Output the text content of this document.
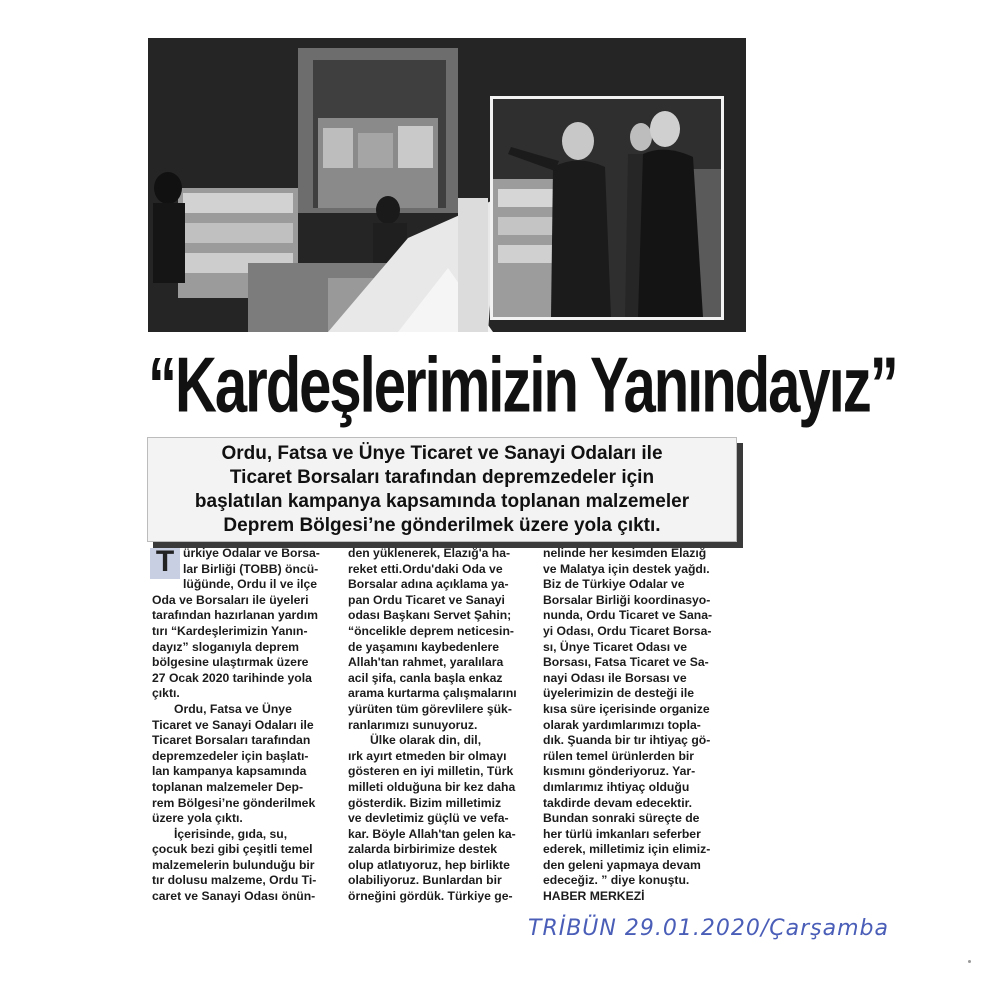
“Kardeşlerimizin Yanındayız”

Ordu, Fatsa ve Ünye Ticaret ve Sanayi Odaları ile
Ticaret Borsaları tarafından depremzedeler için
başlatılan kampanya kapsamında toplanan malzemeler
Deprem Bölgesi’ne gönderilmek üzere yola çıktı.

T ürkiye Odalar ve Borsa-
lar Birliği (TOBB) öncü-
lüğünde, Ordu il ve ilçe
Oda ve Borsaları ile üyeleri
tarafından hazırlanan yardım
tırı “Kardeşlerimizin Yanın-
dayız” sloganıyla deprem
bölgesine ulaştırmak üzere
27 Ocak 2020 tarihinde yola
çıktı.
Ordu, Fatsa ve Ünye
Ticaret ve Sanayi Odaları ile
Ticaret Borsaları tarafından
depremzedeler için başlatı-
lan kampanya kapsamında
toplanan malzemeler Dep-
rem Bölgesi’ne gönderilmek
üzere yola çıktı.
İçerisinde, gıda, su,
çocuk bezi gibi çeşitli temel
malzemelerin bulunduğu bir
tır dolusu malzeme, Ordu Ti-
caret ve Sanayi Odası önün-

den yüklenerek, Elazığ'a ha-
reket etti.Ordu'daki Oda ve
Borsalar adına açıklama ya-
pan Ordu Ticaret ve Sanayi
odası Başkanı Servet Şahin;
“öncelikle deprem neticesin-
de yaşamını kaybedenlere
Allah'tan rahmet, yaralılara
acil şifa, canla başla enkaz
arama kurtarma çalışmalarını
yürüten tüm görevlilere şük-
ranlarımızı sunuyoruz.
Ülke olarak din, dil,
ırk ayırt etmeden bir olmayı
gösteren en iyi milletin, Türk
milleti olduğuna bir kez daha
gösterdik. Bizim milletimiz
ve devletimiz güçlü ve vefa-
kar. Böyle Allah'tan gelen ka-
zalarda birbirimize destek
olup atlatıyoruz, hep birlikte
olabiliyoruz. Bunlardan bir
örneğini gördük. Türkiye ge-

nelinde her kesimden Elazığ
ve Malatya için destek yağdı.
Biz de Türkiye Odalar ve
Borsalar Birliği koordinasyo-
nunda, Ordu Ticaret ve Sana-
yi Odası, Ordu Ticaret Borsa-
sı, Ünye Ticaret Odası ve
Borsası, Fatsa Ticaret ve Sa-
nayi Odası ile Borsası ve
üyelerimizin de desteği ile
kısa süre içerisinde organize
olarak yardımlarımızı topla-
dık. Şuanda bir tır ihtiyaç gö-
rülen temel ürünlerden bir
kısmını gönderiyoruz. Yar-
dımlarımız ihtiyaç olduğu
takdirde devam edecektir.
Bundan sonraki süreçte de
her türlü imkanları seferber
ederek, milletimiz için elimiz-
den geleni yapmaya devam
edeceğiz. ” diye konuştu.
HABER MERKEZİ

TRİBÜN 29.01.2020/Çarşamba
